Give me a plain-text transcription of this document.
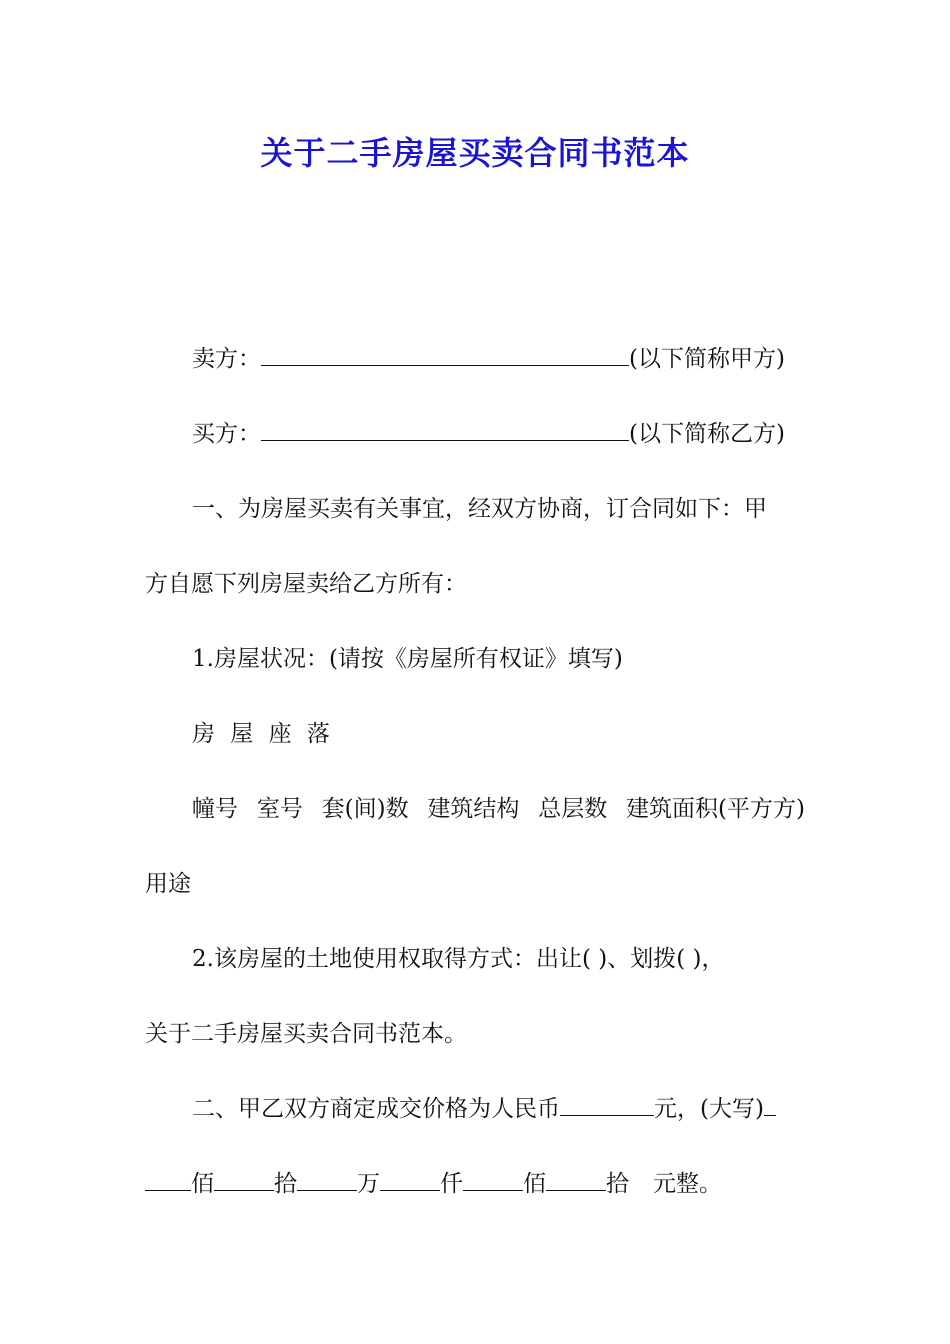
关于二手房屋买卖合同书范本
卖方：	(以下简称甲方)
买方：	(以下简称乙方)
一、为房屋买卖有关事宜，经双方协商，订合同如下：甲
方自愿下列房屋卖给乙方所有：
1.房屋状况：(请按《房屋所有权证》填写)
房 屋 座 落
幢号 室号 套(间)数 建筑结构 总层数 建筑面积(平方方)
用途
2.该房屋的土地使用权取得方式：出让( )、划拨( )，
关于二手房屋买卖合同书范本。
二、甲乙双方商定成交价格为人民币	元，(大写)
佰	拾	万	仟	佰	拾 元整。
